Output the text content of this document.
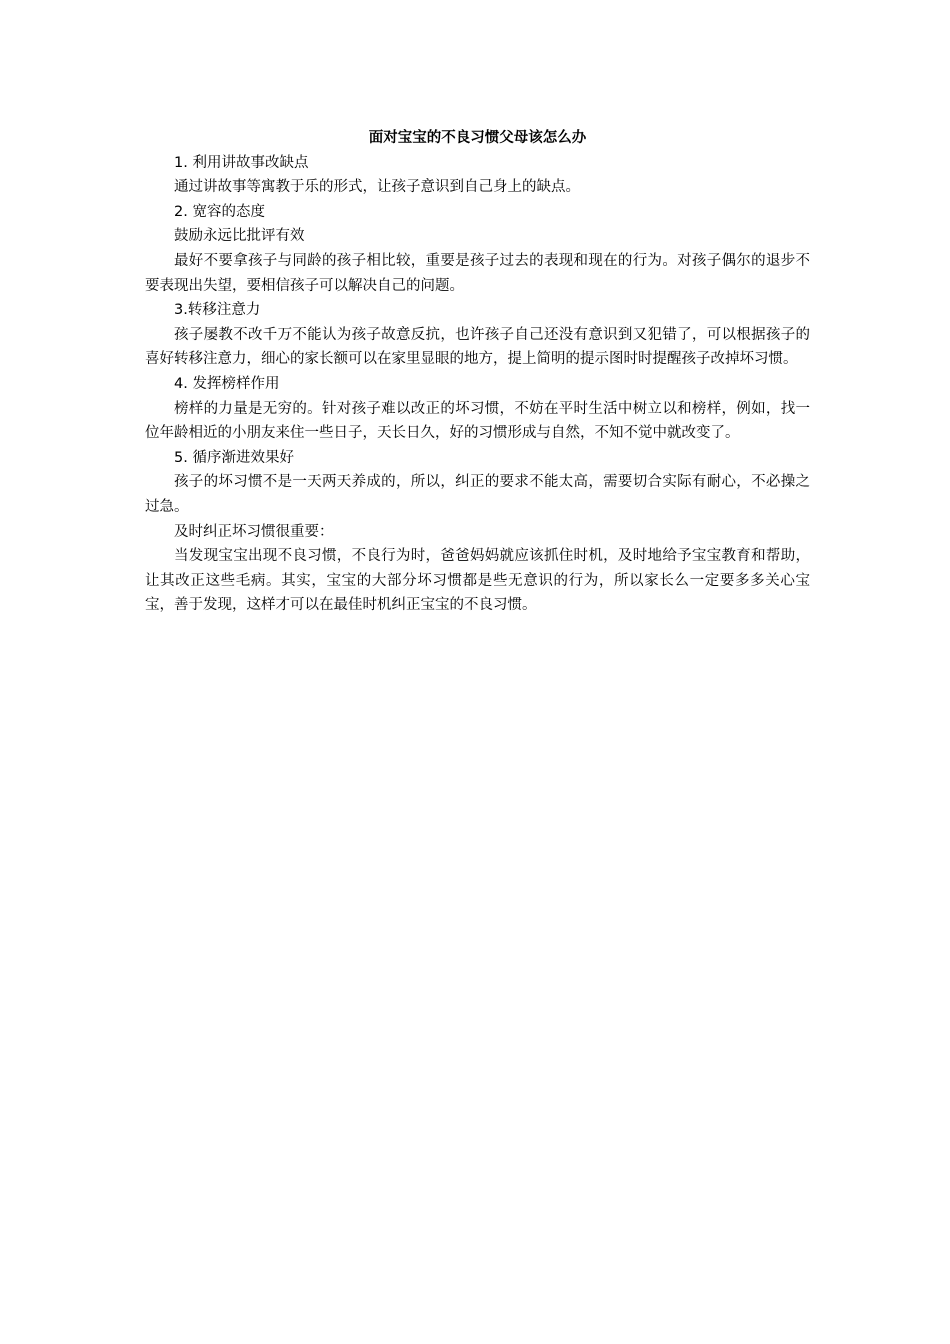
面对宝宝的不良习惯父母该怎么办

1. 利用讲故事改缺点

通过讲故事等寓教于乐的形式，让孩子意识到自己身上的缺点。

2. 宽容的态度

鼓励永远比批评有效

最好不要拿孩子与同龄的孩子相比较，重要是孩子过去的表现和现在的行为。对孩子偶尔的退步不要表现出失望，要相信孩子可以解决自己的问题。

3.转移注意力

孩子屡教不改千万不能认为孩子故意反抗，也许孩子自己还没有意识到又犯错了，可以根据孩子的喜好转移注意力，细心的家长额可以在家里显眼的地方，提上简明的提示图时时提醒孩子改掉坏习惯。

4. 发挥榜样作用

榜样的力量是无穷的。针对孩子难以改正的坏习惯，不妨在平时生活中树立以和榜样，例如，找一位年龄相近的小朋友来住一些日子，天长日久，好的习惯形成与自然，不知不觉中就改变了。

5. 循序渐进效果好

孩子的坏习惯不是一天两天养成的，所以，纠正的要求不能太高，需要切合实际有耐心，不必操之过急。

及时纠正坏习惯很重要：

当发现宝宝出现不良习惯，不良行为时，爸爸妈妈就应该抓住时机，及时地给予宝宝教育和帮助，让其改正这些毛病。其实，宝宝的大部分坏习惯都是些无意识的行为，所以家长么一定要多多关心宝宝，善于发现，这样才可以在最佳时机纠正宝宝的不良习惯。
